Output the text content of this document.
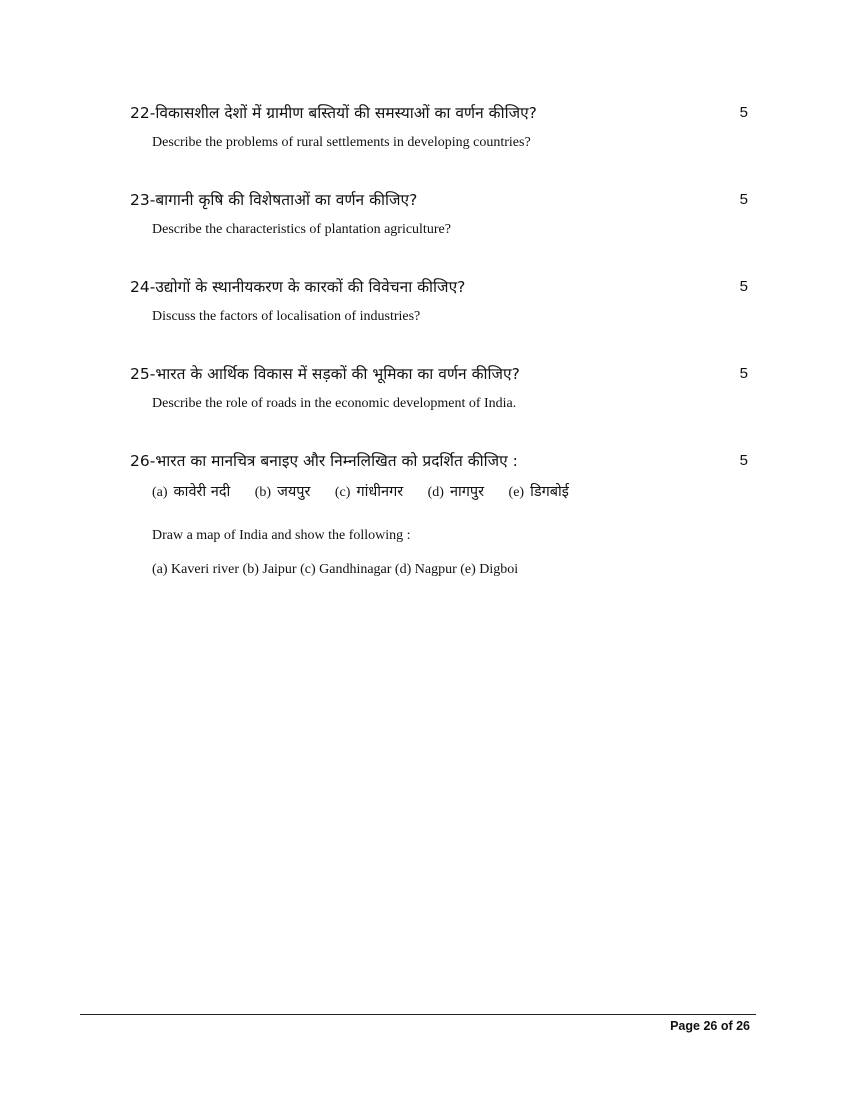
22-विकासशील देशों में ग्रामीण बस्तियों की समस्याओं का वर्णन कीजिए?	5
Describe the problems of rural settlements in developing countries?
23-बागानी कृषि की विशेषताओं का वर्णन कीजिए?	5
Describe the characteristics of plantation agriculture?
24-उद्योगों के स्थानीयकरण के कारकों की विवेचना कीजिए?	5
Discuss the factors of localisation of industries?
25-भारत के आर्थिक विकास में सड़कों की भूमिका का वर्णन कीजिए?	5
Describe the role of roads in the economic development of India.
26-भारत का मानचित्र बनाइए और निम्नलिखित को प्रदर्शित कीजिए :	5
(a) कावेरी नदी (b) जयपुर (c) गांधीनगर (d) नागपुर (e) डिगबोई
Draw a map of India and show the following :
(a) Kaveri river (b) Jaipur (c) Gandhinagar (d) Nagpur (e) Digboi
Page 26 of 26
